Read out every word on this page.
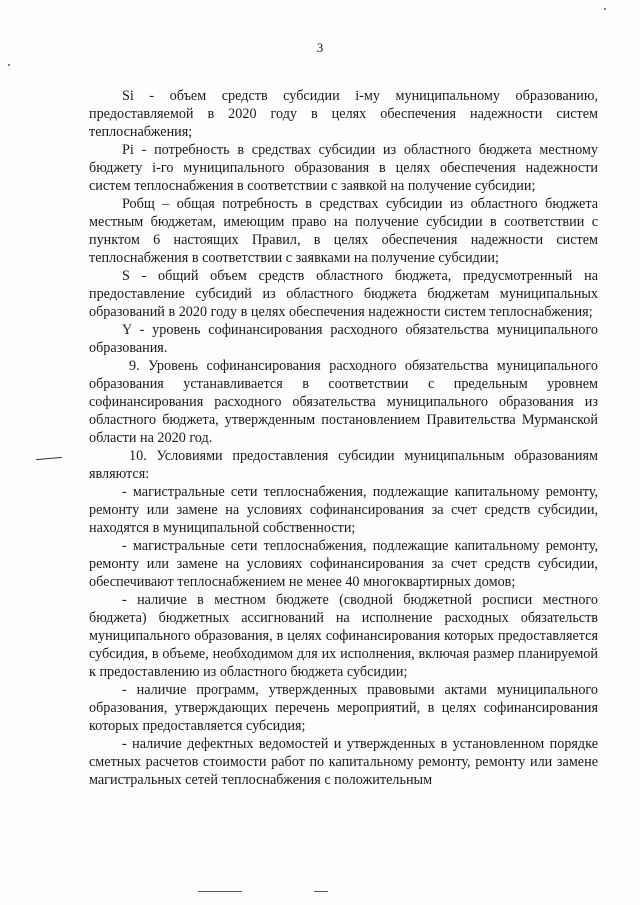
3

Si - объем средств субсидии i-му муниципальному образованию, предоставляемой в 2020 году в целях обеспечения надежности систем теплоснабжения;

Pi - потребность в средствах субсидии из областного бюджета местному бюджету i-го муниципального образования в целях обеспечения надежности систем теплоснабжения в соответствии с заявкой на получение субсидии;

Робщ – общая потребность в средствах субсидии из областного бюджета местным бюджетам, имеющим право на получение субсидии в соответствии с пунктом 6 настоящих Правил, в целях обеспечения надежности систем теплоснабжения в соответствии с заявками на получение субсидии;

S - общий объем средств областного бюджета, предусмотренный на предоставление субсидий из областного бюджета бюджетам муниципальных образований в 2020 году в целях обеспечения надежности систем теплоснабжения;

Y - уровень софинансирования расходного обязательства муниципального образования.

9. Уровень софинансирования расходного обязательства муниципального образования устанавливается в соответствии с предельным уровнем софинансирования расходного обязательства муниципального образования из областного бюджета, утвержденным постановлением Правительства Мурманской области на 2020 год.

10. Условиями предоставления субсидии муниципальным образованиям являются:

- магистральные сети теплоснабжения, подлежащие капитальному ремонту, ремонту или замене на условиях софинансирования за счет средств субсидии, находятся в муниципальной собственности;

- магистральные сети теплоснабжения, подлежащие капитальному ремонту, ремонту или замене на условиях софинансирования за счет средств субсидии, обеспечивают теплоснабжением не менее 40 многоквартирных домов;

- наличие в местном бюджете (сводной бюджетной росписи местного бюджета) бюджетных ассигнований на исполнение расходных обязательств муниципального образования, в целях софинансирования которых предоставляется субсидия, в объеме, необходимом для их исполнения, включая размер планируемой к предоставлению из областного бюджета субсидии;

- наличие программ, утвержденных правовыми актами муниципального образования, утверждающих перечень мероприятий, в целях софинансирования которых предоставляется субсидия;

- наличие дефектных ведомостей и утвержденных в установленном порядке сметных расчетов стоимости работ по капитальному ремонту, ремонту или замене магистральных сетей теплоснабжения с положительным
